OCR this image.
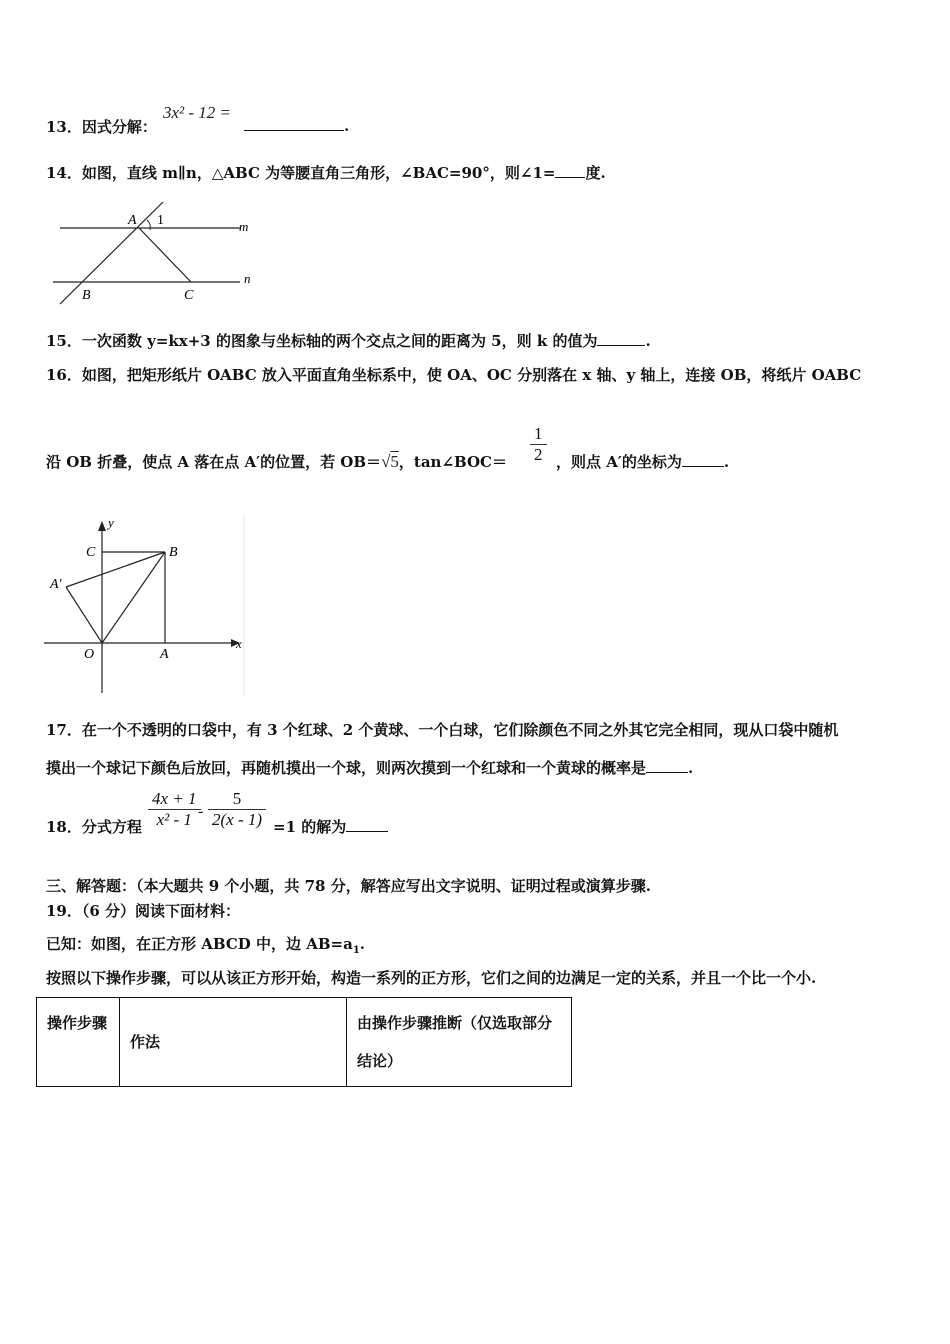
13．因式分解：
3x² - 12 =
.
14．如图，直线 m∥n，△ABC 为等腰直角三角形，∠BAC=90°，则∠1= 度.
A 1	m
n
B	C
15．一次函数 y=kx+3 的图象与坐标轴的两个交点之间的距离为 5，则 k 的值为	.
16．如图，把矩形纸片 OABC 放入平面直角坐标系中，使 OA、OC 分别落在 x 轴、y 轴上，连接 OB，将纸片 OABC
沿 OB 折叠，使点 A 落在点 A′的位置，若 OB＝√5，tan∠BOC＝ $\frac{1}{2}$ ，则点 A′的坐标为	.
y
x
C	B
A′
O	A
17．在一个不透明的口袋中，有 3 个红球、2 个黄球、一个白球，它们除颜色不同之外其它完全相同，现从口袋中随机
摸出一个球记下颜色后放回，再随机摸出一个球，则两次摸到一个红球和一个黄球的概率是	.
18．分式方程 $\frac{4x + 1}{\text{x² - 1}}$
- $\frac{5}{2(x - 1)} =1$ 的解为
三、解答题：（本大题共 9 个小题，共 78 分，解答应写出文字说明、证明过程或演算步骤.
19．（6 分）阅读下面材料：
已知：如图，在正方形 ABCD 中，边 $AB=a_1$.
按照以下操作步骤，可以从该正方形开始，构造一系列的正方形，它们之间的边满足一定的关系，并且一个比一个小.
操作步骤	作法	由操作步骤推断（仅选取部分结论）
